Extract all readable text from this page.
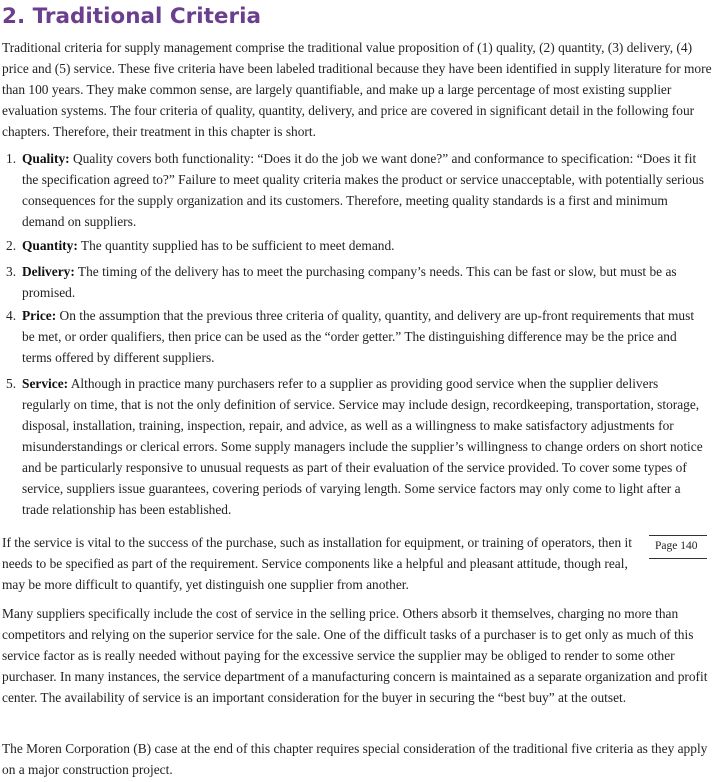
2. Traditional Criteria

Traditional criteria for supply management comprise the traditional value proposition of (1) quality, (2) quantity, (3) delivery, (4) price and (5) service. These five criteria have been labeled traditional because they have been identified in supply literature for more than 100 years. They make common sense, are largely quantifiable, and make up a large percentage of most existing supplier evaluation systems. The four criteria of quality, quantity, delivery, and price are covered in significant detail in the following four chapters. Therefore, their treatment in this chapter is short.

1. Quality: Quality covers both functionality: “Does it do the job we want done?” and conformance to specification: “Does it fit the specification agreed to?” Failure to meet quality criteria makes the product or service unacceptable, with potentially serious consequences for the supply organization and its customers. Therefore, meeting quality standards is a first and minimum demand on suppliers.

2. Quantity: The quantity supplied has to be sufficient to meet demand.

3. Delivery: The timing of the delivery has to meet the purchasing company’s needs. This can be fast or slow, but must be as promised.

4. Price: On the assumption that the previous three criteria of quality, quantity, and delivery are up-front requirements that must be met, or order qualifiers, then price can be used as the “order getter.” The distinguishing difference may be the price and terms offered by different suppliers.

5. Service: Although in practice many purchasers refer to a supplier as providing good service when the supplier delivers regularly on time, that is not the only definition of service. Service may include design, recordkeeping, transportation, storage, disposal, installation, training, inspection, repair, and advice, as well as a willingness to make satisfactory adjustments for misunderstandings or clerical errors. Some supply managers include the supplier’s willingness to change orders on short notice and be particularly responsive to unusual requests as part of their evaluation of the service provided. To cover some types of service, suppliers issue guarantees, covering periods of varying length. Some service factors may only come to light after a trade relationship has been established.

If the service is vital to the success of the purchase, such as installation for equipment, or training of operators, then it needs to be specified as part of the requirement. Service components like a helpful and pleasant attitude, though real, may be more difficult to quantify, yet distinguish one supplier from another.

Page 140

Many suppliers specifically include the cost of service in the selling price. Others absorb it themselves, charging no more than competitors and relying on the superior service for the sale. One of the difficult tasks of a purchaser is to get only as much of this service factor as is really needed without paying for the excessive service the supplier may be obliged to render to some other purchaser. In many instances, the service department of a manufacturing concern is maintained as a separate organization and profit center. The availability of service is an important consideration for the buyer in securing the “best buy” at the outset.

The Moren Corporation (B) case at the end of this chapter requires special consideration of the traditional five criteria as they apply on a major construction project.
